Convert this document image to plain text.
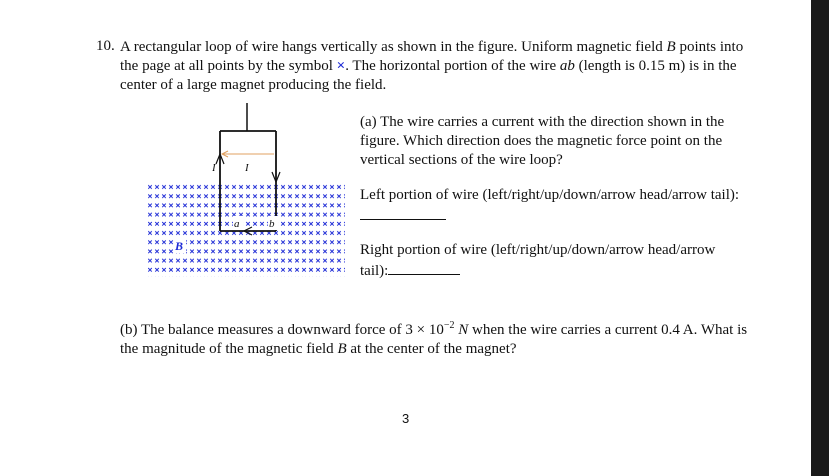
10. A rectangular loop of wire hangs vertically as shown in the figure. Uniform magnetic field B points into the page at all points by the symbol ×. The horizontal portion of the wire ab (length is 0.15 m) is in the center of a large magnet producing the field.
I	I
a	b
B
(a) The wire carries a current with the direction shown in the figure. Which direction does the magnetic force point on the vertical sections of the wire loop?
Left portion of wire (left/right/up/down/arrow head/arrow tail):
Right portion of wire (left/right/up/down/arrow head/arrow tail):
(b) The balance measures a downward force of $3 \times 10^{-2}$ N when the wire carries a current 0.4 A. What is the magnitude of the magnetic field B at the center of the magnet?
3
